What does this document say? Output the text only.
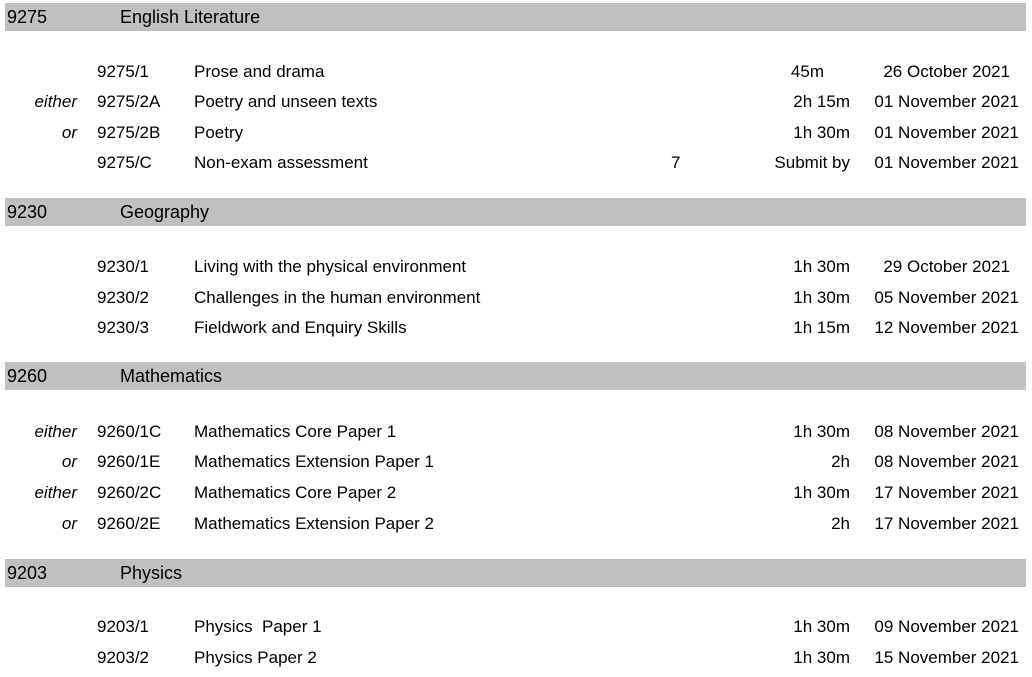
9275	English Literature
9275/1	Prose and drama	45m	26 October 2021
either 9275/2A Poetry and unseen texts	2h 15m 01 November 2021
or 9275/2B Poetry	1h 30m 01 November 2021
9275/C Non-exam assessment	7	Submit by 01 November 2021
9230	Geography
9230/1	Living with the physical environment	1h 30m 29 October 2021
9230/2	Challenges in the human environment	1h 30m 05 November 2021
9230/3	Fieldwork and Enquiry Skills	1h 15m 12 November 2021
9260	Mathematics
either 9260/1C Mathematics Core Paper 1	1h 30m 08 November 2021
or 9260/1E Mathematics Extension Paper 1	2h 08 November 2021
either 9260/2C Mathematics Core Paper 2	1h 30m 17 November 2021
or 9260/2E Mathematics Extension Paper 2	2h 17 November 2021
9203	Physics
9203/1	Physics  Paper 1	1h 30m 09 November 2021
9203/2	Physics Paper 2	1h 30m 15 November 2021
